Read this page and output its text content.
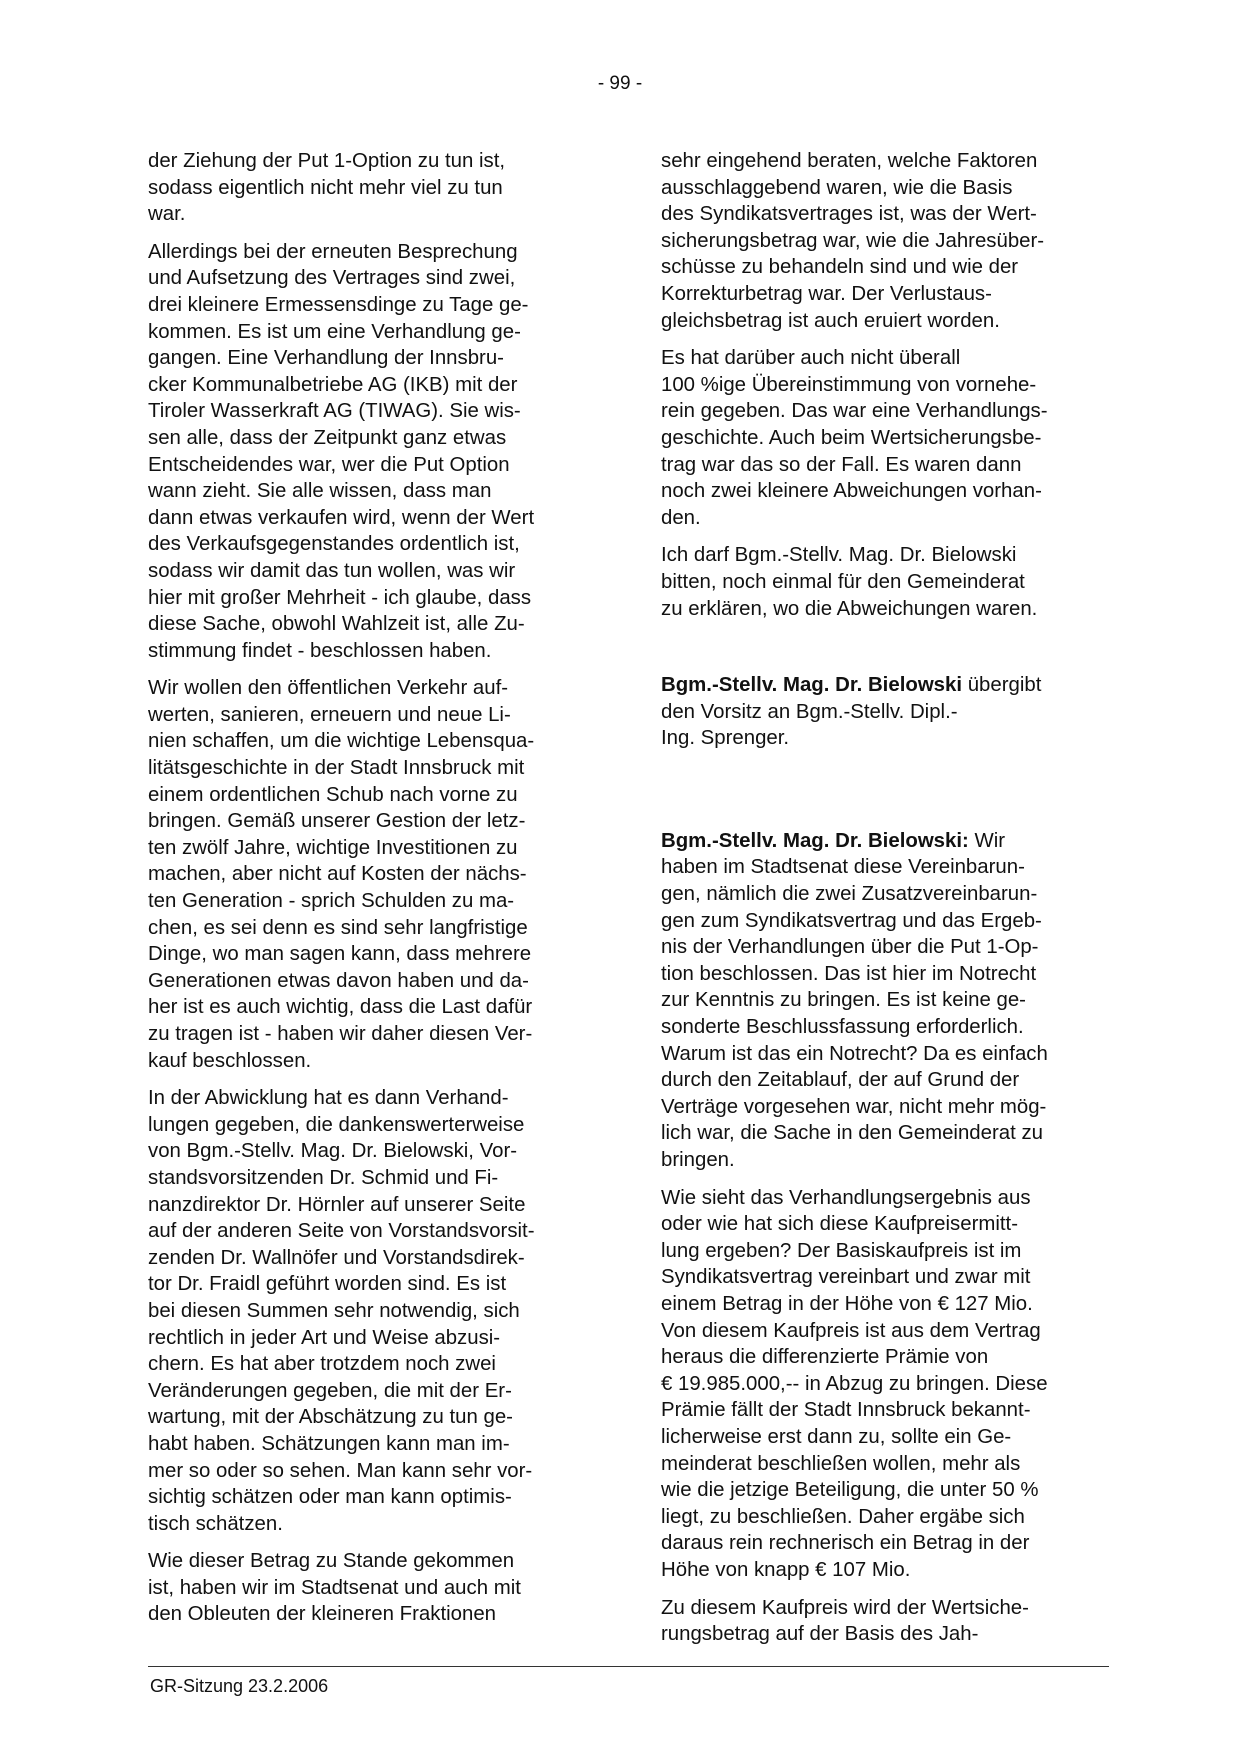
- 99 -

der Ziehung der Put 1-Option zu tun ist,
sodass eigentlich nicht mehr viel zu tun
war.

Allerdings bei der erneuten Besprechung
und Aufsetzung des Vertrages sind zwei,
drei kleinere Ermessensdinge zu Tage ge-
kommen. Es ist um eine Verhandlung ge-
gangen. Eine Verhandlung der Innsbru-
cker Kommunalbetriebe AG (IKB) mit der
Tiroler Wasserkraft AG (TIWAG). Sie wis-
sen alle, dass der Zeitpunkt ganz etwas
Entscheidendes war, wer die Put Option
wann zieht. Sie alle wissen, dass man
dann etwas verkaufen wird, wenn der Wert
des Verkaufsgegenstandes ordentlich ist,
sodass wir damit das tun wollen, was wir
hier mit großer Mehrheit - ich glaube, dass
diese Sache, obwohl Wahlzeit ist, alle Zu-
stimmung findet - beschlossen haben.

Wir wollen den öffentlichen Verkehr auf-
werten, sanieren, erneuern und neue Li-
nien schaffen, um die wichtige Lebensqua-
litätsgeschichte in der Stadt Innsbruck mit
einem ordentlichen Schub nach vorne zu
bringen. Gemäß unserer Gestion der letz-
ten zwölf Jahre, wichtige Investitionen zu
machen, aber nicht auf Kosten der nächs-
ten Generation - sprich Schulden zu ma-
chen, es sei denn es sind sehr langfristige
Dinge, wo man sagen kann, dass mehrere
Generationen etwas davon haben und da-
her ist es auch wichtig, dass die Last dafür
zu tragen ist - haben wir daher diesen Ver-
kauf beschlossen.

In der Abwicklung hat es dann Verhand-
lungen gegeben, die dankenswerterweise
von Bgm.-Stellv. Mag. Dr. Bielowski, Vor-
standsvorsitzenden Dr. Schmid und Fi-
nanzdirektor Dr. Hörnler auf unserer Seite
auf der anderen Seite von Vorstandsvorsit-
zenden Dr. Wallnöfer und Vorstandsdirek-
tor Dr. Fraidl geführt worden sind. Es ist
bei diesen Summen sehr notwendig, sich
rechtlich in jeder Art und Weise abzusi-
chern. Es hat aber trotzdem noch zwei
Veränderungen gegeben, die mit der Er-
wartung, mit der Abschätzung zu tun ge-
habt haben. Schätzungen kann man im-
mer so oder so sehen. Man kann sehr vor-
sichtig schätzen oder man kann optimis-
tisch schätzen.

Wie dieser Betrag zu Stande gekommen
ist, haben wir im Stadtsenat und auch mit
den Obleuten der kleineren Fraktionen

sehr eingehend beraten, welche Faktoren
ausschlaggebend waren, wie die Basis
des Syndikatsvertrages ist, was der Wert-
sicherungsbetrag war, wie die Jahresüber-
schüsse zu behandeln sind und wie der
Korrekturbetrag war. Der Verlustaus-
gleichsbetrag ist auch eruiert worden.

Es hat darüber auch nicht überall
100 %ige Übereinstimmung von vornehe-
rein gegeben. Das war eine Verhandlungs-
geschichte. Auch beim Wertsicherungsbe-
trag war das so der Fall. Es waren dann
noch zwei kleinere Abweichungen vorhan-
den.

Ich darf Bgm.-Stellv. Mag. Dr. Bielowski
bitten, noch einmal für den Gemeinderat
zu erklären, wo die Abweichungen waren.

Bgm.-Stellv. Mag. Dr. Bielowski übergibt
den Vorsitz an Bgm.-Stellv. Dipl.-
Ing. Sprenger.

Bgm.-Stellv. Mag. Dr. Bielowski: Wir
haben im Stadtsenat diese Vereinbarun-
gen, nämlich die zwei Zusatzvereinbarun-
gen zum Syndikatsvertrag und das Ergeb-
nis der Verhandlungen über die Put 1-Op-
tion beschlossen. Das ist hier im Notrecht
zur Kenntnis zu bringen. Es ist keine ge-
sonderte Beschlussfassung erforderlich.
Warum ist das ein Notrecht? Da es einfach
durch den Zeitablauf, der auf Grund der
Verträge vorgesehen war, nicht mehr mög-
lich war, die Sache in den Gemeinderat zu
bringen.

Wie sieht das Verhandlungsergebnis aus
oder wie hat sich diese Kaufpreisermitt-
lung ergeben? Der Basiskaufpreis ist im
Syndikatsvertrag vereinbart und zwar mit
einem Betrag in der Höhe von € 127 Mio.
Von diesem Kaufpreis ist aus dem Vertrag
heraus die differenzierte Prämie von
€ 19.985.000,-- in Abzug zu bringen. Diese
Prämie fällt der Stadt Innsbruck bekannt-
licherweise erst dann zu, sollte ein Ge-
meinderat beschließen wollen, mehr als
wie die jetzige Beteiligung, die unter 50 %
liegt, zu beschließen. Daher ergäbe sich
daraus rein rechnerisch ein Betrag in der
Höhe von knapp € 107 Mio.

Zu diesem Kaufpreis wird der Wertsiche-
rungsbetrag auf der Basis des Jah-

GR-Sitzung 23.2.2006
